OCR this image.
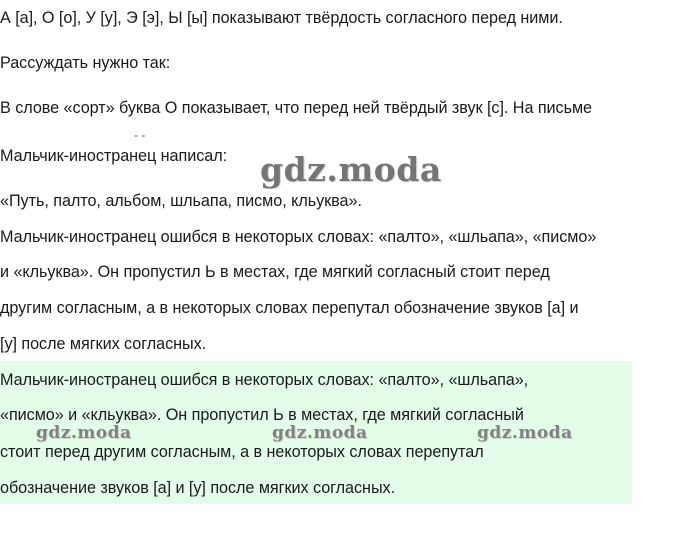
А [а], О [о], У [у], Э [э], Ы [ы] показывают твёрдость согласного перед ними.
Рассуждать нужно так:
В слове «сорт» буква О показывает, что перед ней твёрдый звук [с]. На письме
- -
Мальчик-иностранец написал:
«Путь, палто, альбом, шльапа, писмо, кльуква».
Мальчик-иностранец ошибся в некоторых словах: «палто», «шльапа», «писмо»
и «кльуква». Он пропустил Ь в местах, где мягкий согласный стоит перед
другим согласным, а в некоторых словах перепутал обозначение звуков [а] и
[у] после мягких согласных.
gdz.moda
Мальчик-иностранец ошибся в некоторых словах: «палто», «шльапа»,
«писмо» и «кльуква». Он пропустил Ь в местах, где мягкий согласный
стоит перед другим согласным, а в некоторых словах перепутал
обозначение звуков [а] и [у] после мягких согласных.
gdz.moda	gdz.moda	gdz.moda
